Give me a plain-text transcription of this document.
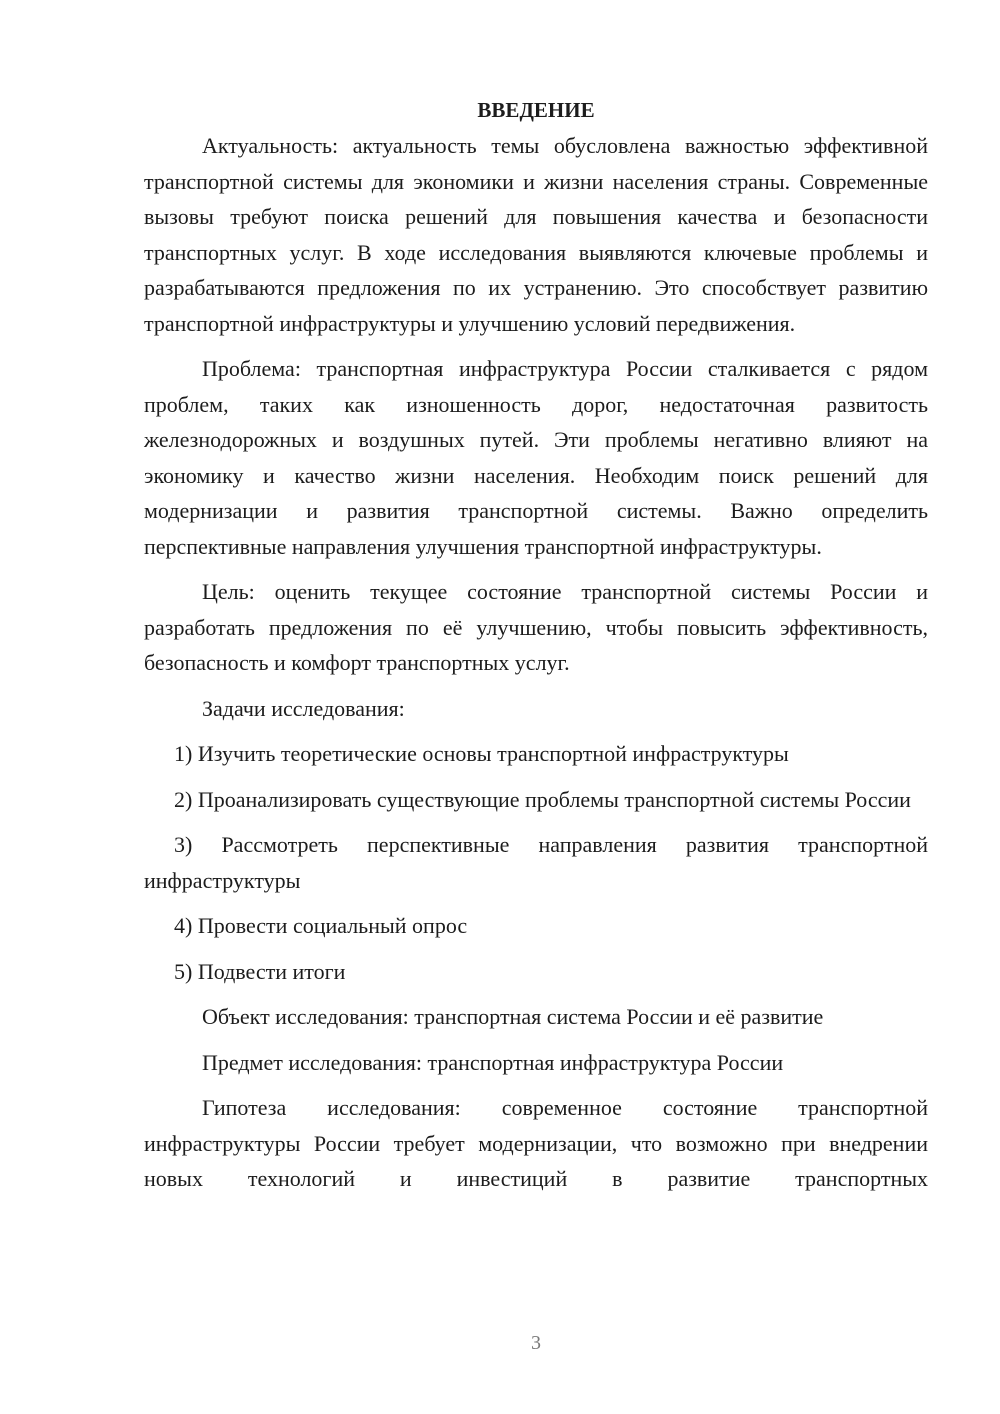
ВВЕДЕНИЕ

Актуальность: актуальность темы обусловлена важностью эффективной транспортной системы для экономики и жизни населения страны. Современные вызовы требуют поиска решений для повышения качества и безопасности транспортных услуг. В ходе исследования выявляются ключевые проблемы и разрабатываются предложения по их устранению. Это способствует развитию транспортной инфраструктуры и улучшению условий передвижения.

Проблема: транспортная инфраструктура России сталкивается с рядом проблем, таких как изношенность дорог, недостаточная развитость железнодорожных и воздушных путей. Эти проблемы негативно влияют на экономику и качество жизни населения. Необходим поиск решений для модернизации и развития транспортной системы. Важно определить перспективные направления улучшения транспортной инфраструктуры.

Цель: оценить текущее состояние транспортной системы России и разработать предложения по её улучшению, чтобы повысить эффективность, безопасность и комфорт транспортных услуг.

Задачи исследования:

1) Изучить теоретические основы транспортной инфраструктуры

2) Проанализировать существующие проблемы транспортной системы России

3) Рассмотреть перспективные направления развития транспортной инфраструктуры

4) Провести социальный опрос

5) Подвести итоги

Объект исследования: транспортная система России и её развитие

Предмет исследования: транспортная инфраструктура России

Гипотеза исследования: современное состояние транспортной инфраструктуры России требует модернизации, что возможно при внедрении новых технологий и инвестиций в развитие транспортных

3
